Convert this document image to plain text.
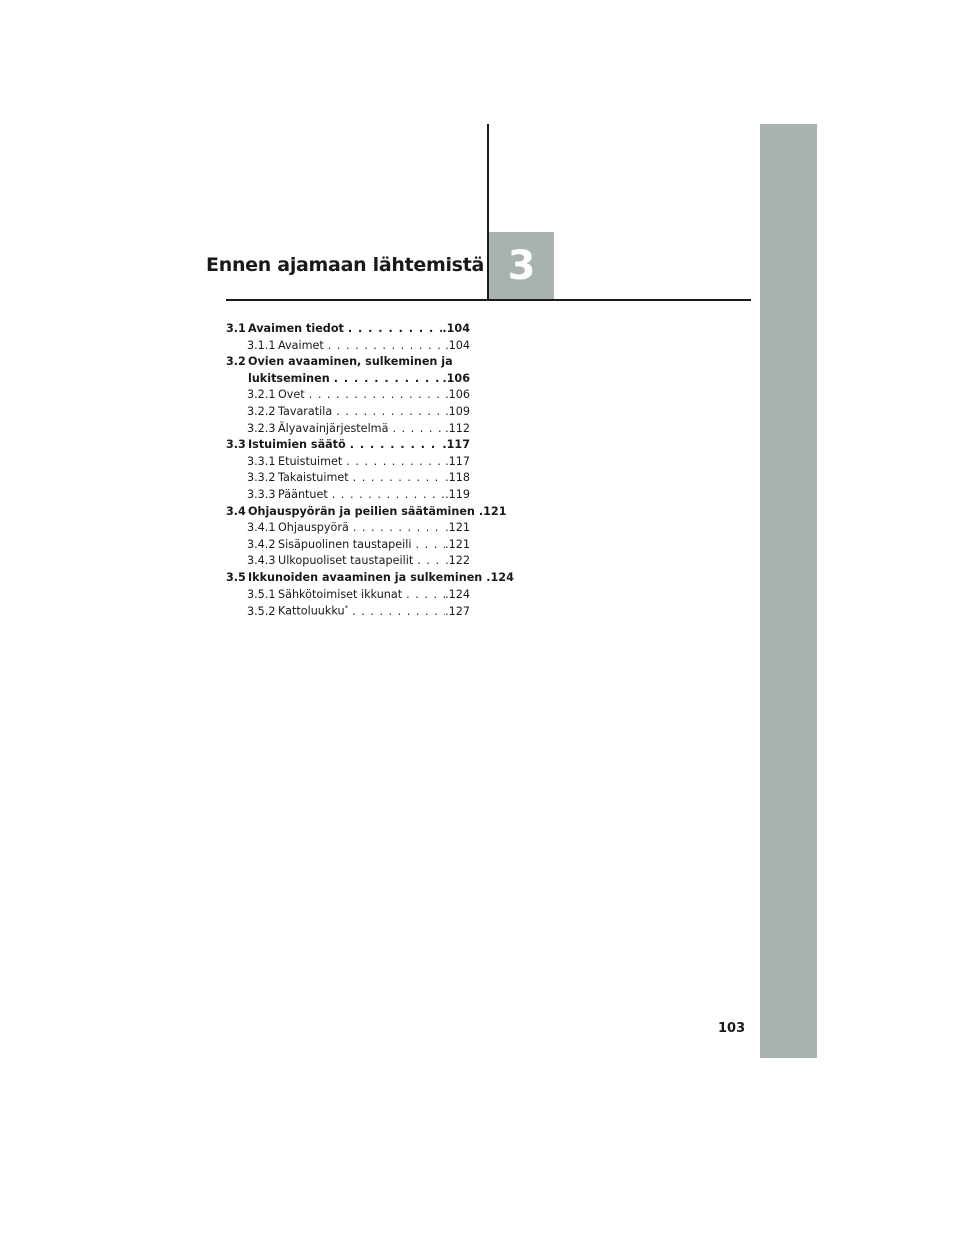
Ennen ajamaan lähtemistä 3
3.1 Avaimen tiedot . . .	.104
3.1.1 Avaimet . . .	.104
3.2 Ovien avaaminen, sulkeminen ja
lukitseminen . . .	.106
3.2.1 Ovet . . .	.106
3.2.2 Tavaratila . . .	.109
3.2.3 Älyavainjärjestelmä . . .	.112
3.3 Istuimien säätö . . .	.117
3.3.1 Etuistuimet . . .	.117
3.3.2 Takaistuimet . . .	.118
3.3.3 Pääntuet . . .	.119
3.4 Ohjauspyörän ja peilien säätäminen . . . .121
3.4.1 Ohjauspyörä . . .	.121
3.4.2 Sisäpuolinen taustapeili . . .	.121
3.4.3 Ulkopuoliset taustapeilit . . .	.122
3.5 Ikkunoiden avaaminen ja sulkeminen . . . .124
3.5.1 Sähkötoimiset ikkunat . . .	.124
3.5.2 Kattoluukku* . . .	.127
103
